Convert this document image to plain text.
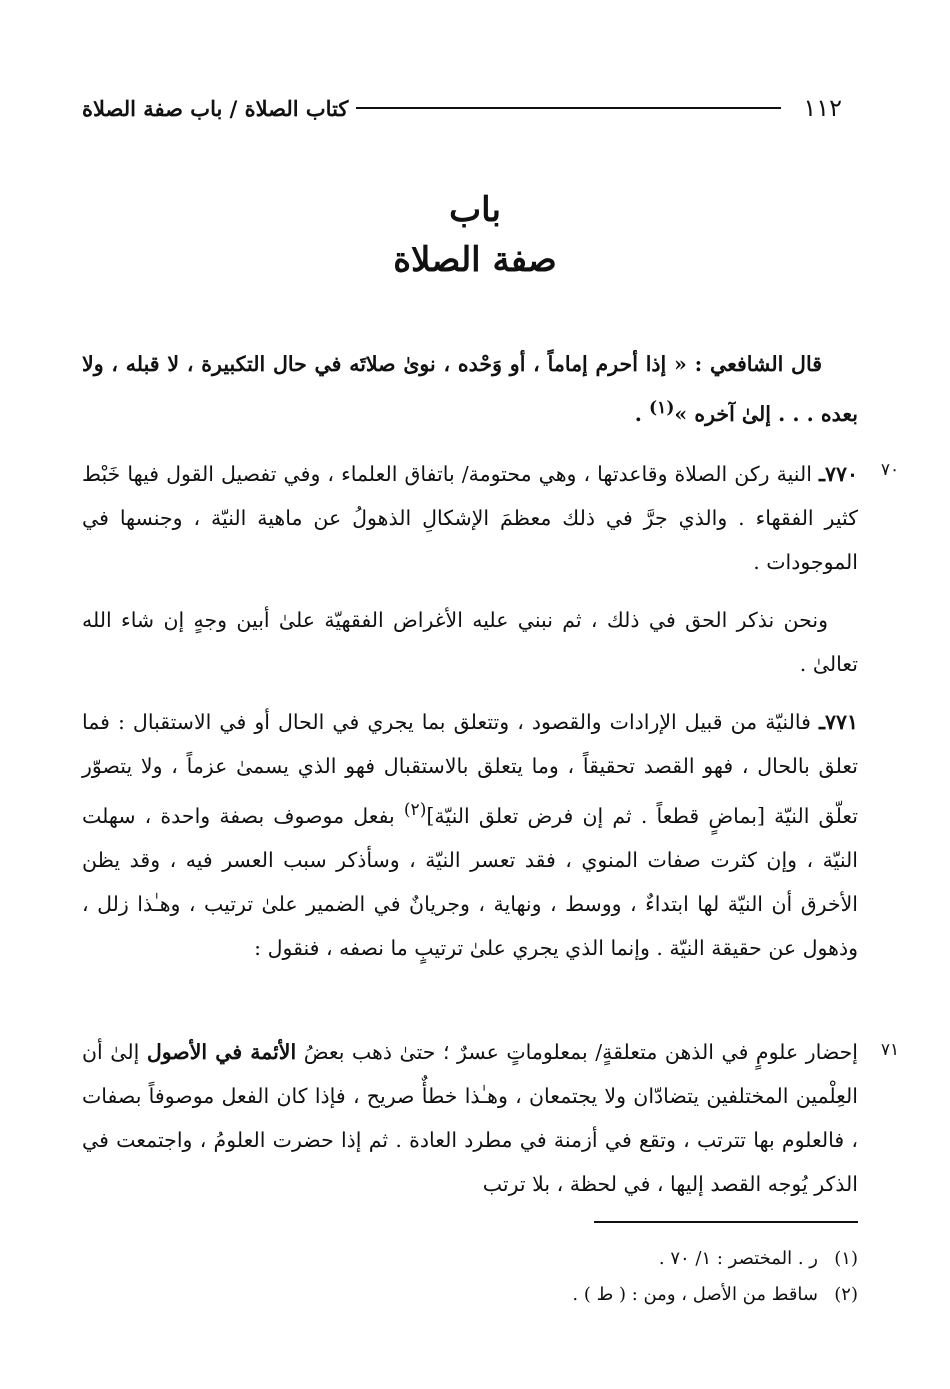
١١٢
كتاب الصلاة / باب صفة الصلاة
باب
صفة الصلاة
قال الشافعي : « إذا أحرم إماماً ، أو وَحْده ، نوىٰ صلاتَه في حال التكبيرة ، لا قبله ، ولا بعده . . . إلىٰ آخره »$^{(١)}$ .
٧٠
٧٧٠ـ النية ركن الصلاة وقاعدتها ، وهي محتومة/ باتفاق العلماء ، وفي تفصيل القول فيها خَبْط كثير الفقهاء . والذي جرَّ في ذلك معظمَ الإشكالِ الذهولُ عن ماهية النيّة ، وجنسها في الموجودات .
ونحن نذكر الحق في ذلك ، ثم نبني عليه الأغراض الفقهيّة علىٰ أبين وجهٍ إن شاء الله تعالىٰ .
٧٧١ـ فالنيّة من قبيل الإرادات والقصود ، وتتعلق بما يجري في الحال أو في الاستقبال : فما تعلق بالحال ، فهو القصد تحقيقاً ، وما يتعلق بالاستقبال فهو الذي يسمىٰ عزماً ، ولا يتصوّر تعلّق النيّة [بماضٍ قطعاً . ثم إن فرض تعلق النيّة]$^{(٢)}$ بفعل موصوف بصفة واحدة ، سهلت النيّة ، وإن كثرت صفات المنوي ، فقد تعسر النيّة ، وسأذكر سبب العسر فيه ، وقد يظن الأخرق أن النيّة لها ابتداءٌ ، ووسط ، ونهاية ، وجريانٌ في الضمير علىٰ ترتيب ، وهـٰذا زلل ، وذهول عن حقيقة النيّة . وإنما الذي يجري علىٰ ترتيبٍ ما نصفه ، فنقول :
٧١
إحضار علومٍ في الذهن متعلقةٍ/ بمعلوماتٍ عسرٌ ؛ حتىٰ ذهب بعضُ الأئمة في الأصول إلىٰ أن العِلْمين المختلفين يتضادّان ولا يجتمعان ، وهـٰذا خطأٌ صريح ، فإذا كان الفعل موصوفاً بصفات ، فالعلوم بها تترتب ، وتقع في أزمنة في مطرد العادة . ثم إذا حضرت العلومُ ، واجتمعت في الذكر يُوجه القصد إليها ، في لحظة ، بلا ترتب
(١)ر . المختصر : ١/ ٧٠ .
(٢)ساقط من الأصل ، ومن : ( ط ) .
